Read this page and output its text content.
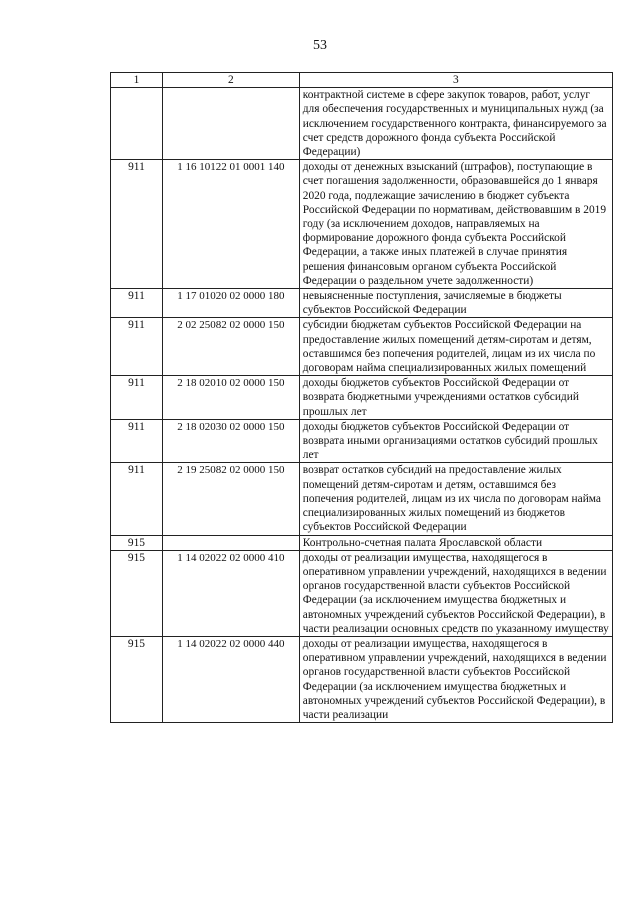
53
1	2	3
		контрактной системе в сфере закупок товаров, работ, услуг для обеспечения государственных и муниципальных нужд (за исключением государственного контракта, финансируемого за счет средств дорожного фонда субъекта Российской Федерации)
911	1 16 10122 01 0001 140	доходы от денежных взысканий (штрафов), поступающие в счет погашения задолженности, образовавшейся до 1 января 2020 года, подлежащие зачислению в бюджет субъекта Российской Федерации по нормативам, действовавшим в 2019 году (за исключением доходов, направляемых на формирование дорожного фонда субъекта Российской Федерации, а также иных платежей в случае принятия решения финансовым органом субъекта Российской Федерации о раздельном учете задолженности)
911	1 17 01020 02 0000 180	невыясненные поступления, зачисляемые в бюджеты субъектов Российской Федерации
911	2 02 25082 02 0000 150	субсидии бюджетам субъектов Российской Федерации на предоставление жилых помещений детям-сиротам и детям, оставшимся без попечения родителей, лицам из их числа по договорам найма специализированных жилых помещений
911	2 18 02010 02 0000 150	доходы бюджетов субъектов Российской Федерации от возврата бюджетными учреждениями остатков субсидий прошлых лет
911	2 18 02030 02 0000 150	доходы бюджетов субъектов Российской Федерации от возврата иными организациями остатков субсидий прошлых лет
911	2 19 25082 02 0000 150	возврат остатков субсидий на предоставление жилых помещений детям-сиротам и детям, оставшимся без попечения родителей, лицам из их числа по договорам найма специализированных жилых помещений из бюджетов субъектов Российской Федерации
915		Контрольно-счетная палата Ярославской области
915	1 14 02022 02 0000 410	доходы от реализации имущества, находящегося в оперативном управлении учреждений, находящихся в ведении органов государственной власти субъектов Российской Федерации (за исключением имущества бюджетных и автономных учреждений субъектов Российской Федерации), в части реализации основных средств по указанному имуществу
915	1 14 02022 02 0000 440	доходы от реализации имущества, находящегося в оперативном управлении учреждений, находящихся в ведении органов государственной власти субъектов Российской Федерации (за исключением имущества бюджетных и автономных учреждений субъектов Российской Федерации), в части реализации
